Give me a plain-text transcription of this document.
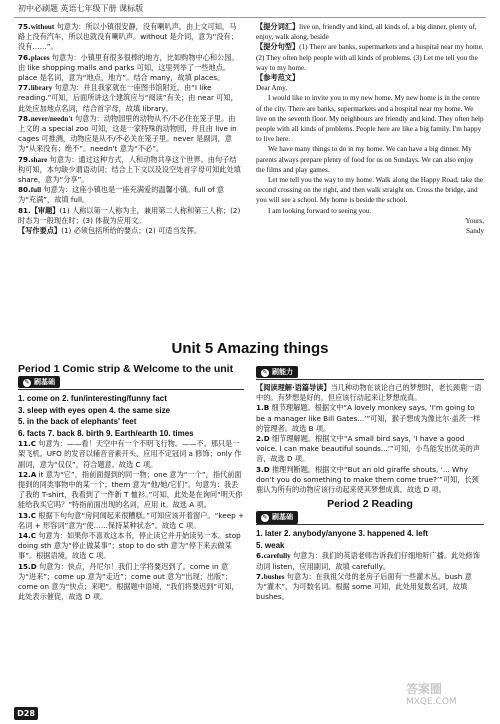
初中必刷题 英语七年级下册 课标版

75.without 句意为：所以小镇很安静，没有喇叭声。由上文可知，马路上没有汽车，所以也就没有喇叭声。without 是介词，意为“没有；没有……”。

76.places 句意为：小镇里有很多很棒的地方，比如购物中心和公园。由 like shopping malls and parks 可知，这里列举了一些地点。place 是名词，意为“地点，地方”。结合 many，故填 places。

77.library 句意为：并且我家就在一座图书馆附近。由“I like reading.”可知，后面所讲这个建筑应与“阅读”有关；由 near 可知，此处应加地点名词，结合首字母，故填 library。

78.never/needn't 句意为：动物园里的动物从不/不必住在笼子里。由上文的 a special zoo 可知，这是一家特殊的动物园，并且由 live in cages 可推测，动物应是从不/不必关在笼子里。never 是副词，意为“从来没有；绝不”。needn't 意为“不必”。

79.share 句意为：通过这种方式，人和动物共享这个世界。由句子结构可知，本句缺少谓语动词；结合上下文以及设空处首字母可知此处填 share，意为“分享”。

80.full 句意为：这座小镇也是一座充满爱的温馨小镇。full of 意为“充满”，故填 full。

81.【审题】(1) 人称以第一人称为主，兼用第二人称和第三人称；(2) 时态为一般现在时；(3) 体裁为应用文。

【写作要点】(1) 必须包括所给的要点；(2) 可适当发挥。

【提分词汇】live on, friendly and kind, all kinds of, a big dinner, plenty of, enjoy, walk along, beside

【提分句型】(1) There are banks, supermarkets and a hospital near my home. (2) They often help people with all kinds of problems. (3) Let me tell you the way to my home.

【参考范文】

Dear Amy,

I would like to invite you to my new home. My new home is in the centre of the city. There are banks, supermarkets and a hospital near my home. We live on the seventh floor. My neighbours are friendly and kind. They often help people with all kinds of problems. People here are like a big family. I'm happy to live here.

We have many things to do in my home. We can have a big dinner. My parents always prepare plenty of food for us on Sundays. We can also enjoy the films and play games.

Let me tell you the way to my home. Walk along the Happy Road, take the second crossing on the right, and then walk straight on. Cross the bridge, and you will see a school. My home is beside the school.

I am looking forward to seeing you.

Yours,

Sandy

Unit 5 Amazing things

Period 1 Comic strip & Welcome to the unit

✎ 刷基础

1. come on 2. fun/interesting/funny fact

3. sleep with eyes open 4. the same size

5. in the back of elephants' feet

6. facts 7. back 8. birth 9. Earth/earth 10. times

11.C 句意为：——看！天空中有一个不明飞行物。——不。那只是一架飞机。UFO 的发音以辅音音素开头，应用不定冠词 a 修饰；only 作副词，意为“仅仅”，符合题意。故选 C 项。

12.A it 意为“它”，指前面提到的同一物；one 意为“一个”，指代前面提到的同类事物中的某一个；them 意为“他/她/它们”。句意为：我丢了我的 T-shirt，我看到了一件新 T 恤衫。”可知，此处是在询问“明天你能给我买它吗？”特指前面出现的名词，应用 it。故选 A 项。

13.C 根据下句句意“房间闻起来很糟糕。”可知应该开着窗户。“keep + 名词 + 形容词”意为“使……保持某种状态”。故选 C 项。

14.C 句意为：如果你不喜欢这本书，停止读它并开始读另一本。stop doing sth 意为“停止做某事”；stop to do sth 意为“停下来去做某事”。根据语境，故选 C 项。

15.D 句意为：快点，丹尼尔！我们上学将要迟到了。come in 意为“进来”；come up 意为“走近”；come out 意为“出现；出版”；come on 意为“快点；来吧”。根据题中语境，“我们将要迟到”可知，此处表示催促，故选 D 项。

✎ 刷能力

【阅读理解·语篇导读】当几种动物在谈论自己的梦想时，老长颈鹿一语中的。有梦想是好的，但应该行动起来让梦想成真。

1.B 细节理解题。根据文中“A lovely monkey says, ‘I'm going to be a manager like Bill Gates...’”可知，猴子想成为像比尔·盖茨一样的管理者。故选 B 项。

2.D 细节理解题。根据文中“A small bird says, ‘I have a good voice. I can make beautiful sounds...’”可知，小鸟能发出优美的声音，故选 D 项。

3.D 推理判断题。根据文中“But an old giraffe shouts, ‘... Why don't you do something to make them come true?’”可知，长颈鹿认为所有的动物应该行动起来使其梦想成真。故选 D 项。

Period 2 Reading

✎ 刷基础

1. later 2. anybody/anyone 3. happened 4. left

5. weak

6.carefully 句意为：我们的英语老师告诉我们仔细地听广播。此处修饰动词 listen，应用副词，故填 carefully。

7.bushes 句意为：在我祖父母的老房子后面有一些灌木丛。bush 意为“灌木”，为可数名词。根据 some 可知，此处用复数名词，故填 bushes。

D28
答案圈
MXQE.COM
